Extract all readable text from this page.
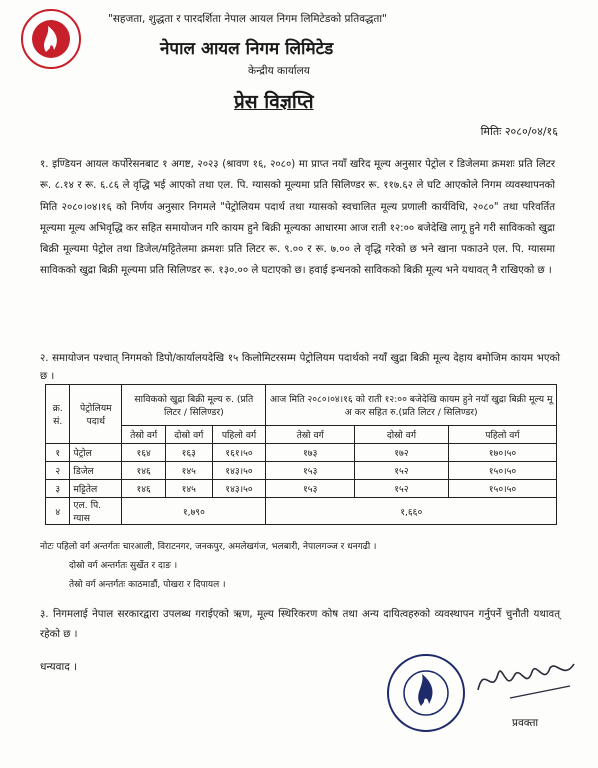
"सहजता, शुद्धता र पारदर्शिता नेपाल आयल निगम लिमिटेडको प्रतिवद्धता"
नेपाल आयल निगम लिमिटेड
केन्द्रीय कार्यालय
प्रेस विज्ञप्ति
मितिः २०८०/०४/१६
१. इण्डियन आयल कर्पोरेसनबाट १ अगष्ट, २०२३ (श्रावण १६, २०८०) मा प्राप्त नयाँ खरिद मूल्य अनुसार पेट्रोल र डिजेलमा क्रमशः प्रति लिटर रू. ८.१४ र रू. ६.८६ ले वृद्धि भई आएको तथा एल. पि. ग्यासको मूल्यमा प्रति सिलिण्डर रू. ११७.६२ ले घटि आएकोले निगम व्यवस्थापनको मिति २०८०।०४।१६ को निर्णय अनुसार निगमले "पेट्रोलियम पदार्थ तथा ग्यासको स्वचालित मूल्य प्रणाली कार्यविधि, २०८०" तथा परिवर्तित मूल्यमा मूल्य अभिवृद्धि कर सहित समायोजन गरि कायम हुने बिक्री मूल्यका आधारमा आज राती १२:०० बजेदेखि लागू हुने गरी साविकको खुद्रा बिक्री मूल्यमा पेट्रोल तथा डिजेल/मट्टितेलमा क्रमशः प्रति लिटर रू. ९.०० र रू. ७.०० ले वृद्धि गरेको छ भने खाना पकाउने एल. पि. ग्यासमा साविकको खुद्रा बिक्री मूल्यमा प्रति सिलिण्डर रू. १३०.०० ले घटाएको छ। हवाई इन्धनको साविकको बिक्री मूल्य भने यथावत् नै राखिएको छ ।
२. समायोजन पश्चात् निगमको डिपो/कार्यालयदेखि १५ किलोमिटरसम्म पेट्रोलियम पदार्थको नयाँ खुद्रा बिक्री मूल्य देहाय बमोजिम कायम भएको छ ।
क्र. सं.	पेट्रोलियम पदार्थ	साविकको खुद्रा बिक्री मूल्य रु. (प्रति लिटर / सिलिण्डर)			आज मिति २०८०।०४।१६ को राती १२:०० बजेदेखि कायम हुने नयाँ खुद्रा बिक्री मूल्य मू अ कर सहित रु.(प्रति लिटर / सिलिण्डर)		
		तेस्रो वर्ग	दोस्रो वर्ग	पहिलो वर्ग	तेस्रो वर्ग	दोस्रो वर्ग	पहिलो वर्ग
१	पेट्रोल	१६४	१६३	१६१।५०	१७३	१७२	१७०।५०
२	डिजेल	१४६	१४५	१४३।५०	१५३	१५२	१५०।५०
३	मट्टितेल	१४६	१४५	१४३।५०	१५३	१५२	१५०।५०
४	एल. पि. ग्यास	१,७९०			१,६६०		
नोटः पहिलो वर्ग अन्तर्गतः चारआली, विराटनगर, जनकपुर, अमलेखगंज, भलबारी, नेपालगञ्ज र धनगढी ।
दोस्रो वर्ग अन्तर्गतः सुर्खेत र दाङ ।
तेस्रो वर्ग अन्तर्गतः काठमाडौं, पोखरा र दिपायल ।
३. निगमलाई नेपाल सरकारद्वारा उपलब्ध गराईएको ऋण, मूल्य स्थिरिकरण कोष तथा अन्य दायित्वहरुको व्यवस्थापन गर्नुपर्ने चुनौती यथावत् रहेको छ ।
धन्यवाद ।
प्रवक्ता
